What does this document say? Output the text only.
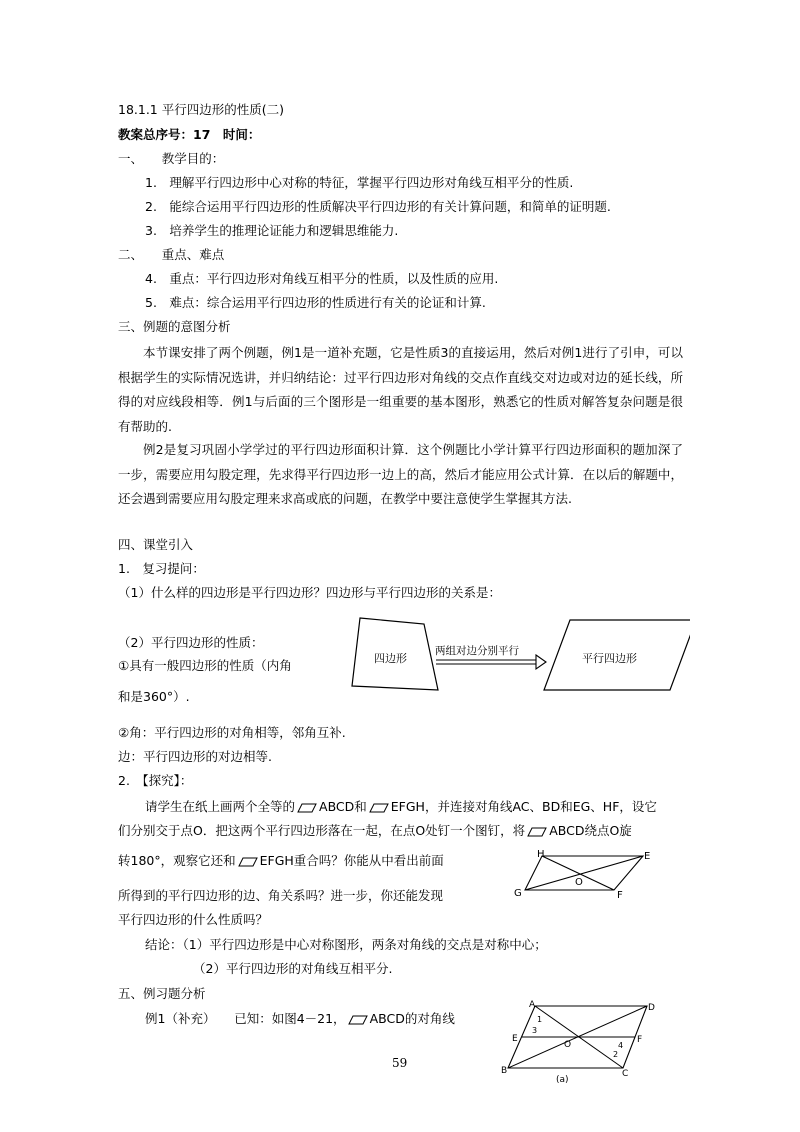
18.1.1 平行四边形的性质(二)
教案总序号：17　时间：
一、　　教学目的：
1.　理解平行四边形中心对称的特征，掌握平行四边形对角线互相平分的性质.
2.　能综合运用平行四边形的性质解决平行四边形的有关计算问题，和简单的证明题.
3.　培养学生的推理论证能力和逻辑思维能力.
二、　　重点、难点
4.　重点：平行四边形对角线互相平分的性质，以及性质的应用.
5.　难点：综合运用平行四边形的性质进行有关的论证和计算.
三、例题的意图分析
本节课安排了两个例题，例1是一道补充题，它是性质3的直接运用，然后对例1进行了引申，可以根据学生的实际情况选讲，并归纳结论：过平行四边形对角线的交点作直线交对边或对边的延长线，所得的对应线段相等．例1与后面的三个图形是一组重要的基本图形，熟悉它的性质对解答复杂问题是很有帮助的.
例2是复习巩固小学学过的平行四边形面积计算．这个例题比小学计算平行四边形面积的题加深了一步，需要应用勾股定理，先求得平行四边形一边上的高，然后才能应用公式计算．在以后的解题中，还会遇到需要应用勾股定理来求高或底的问题，在教学中要注意使学生掌握其方法.
四、课堂引入
1.　复习提问：
（1）什么样的四边形是平行四边形？四边形与平行四边形的关系是：
（2）平行四边形的性质：
①具有一般四边形的性质（内角
和是360°）.
四边形
两组对边分别平行
平行四边形
②角：平行四边形的对角相等，邻角互补.
边：平行四边形的对边相等.
2.　【探究】：
请学生在纸上画两个全等的 ABCD和 EFGH，并连接对角线AC、BD和EG、HF，设它
们分别交于点O．把这两个平行四边形落在一起，在点O处钉一个图钉，将 ABCD绕点O旋
转180°，观察它还和 EFGH重合吗？你能从中看出前面
所得到的平行四边形的边、角关系吗？进一步，你还能发现
平行四边形的什么性质吗？
H	E
O
G	F
结论：（1）平行四边形是中心对称图形，两条对角线的交点是对称中心；
（2）平行四边形的对角线互相平分.
五、例习题分析
例1（补充）　　已知：如图4－21， ABCD的对角线
A	D
E
1
3
O	4
F
2
B	C
(a)
59
